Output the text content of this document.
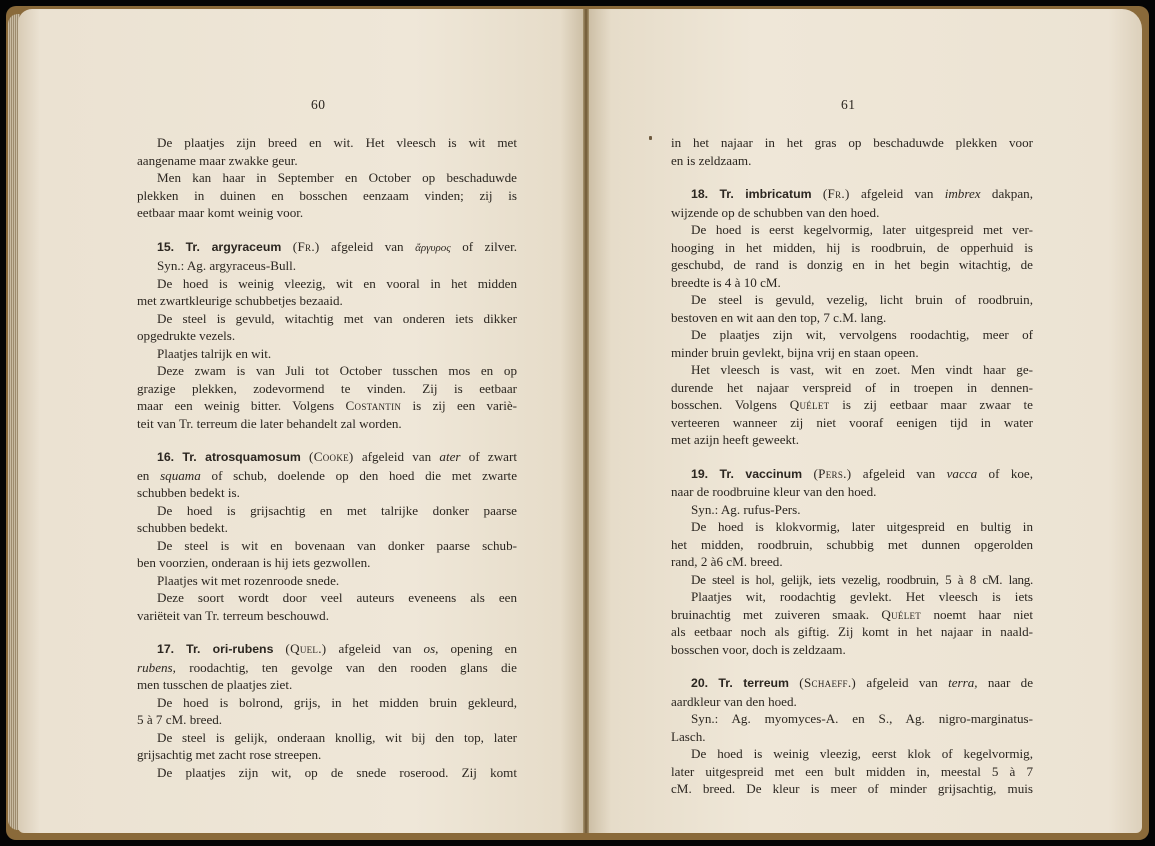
60

De plaatjes zijn breed en wit. Het vleesch is wit met

aangename maar zwakke geur.

Men kan haar in September en October op beschaduwde

plekken in duinen en bosschen eenzaam vinden; zij is

eetbaar maar komt weinig voor.

15. Tr. argyraceum (Fr.) afgeleid van ἄργυρος of zilver.

Syn.: Ag. argyraceus-Bull.

De hoed is weinig vleezig, wit en vooral in het midden

met zwartkleurige schubbetjes bezaaid.

De steel is gevuld, witachtig met van onderen iets dikker

opgedrukte vezels.

Plaatjes talrijk en wit.

Deze zwam is van Juli tot October tusschen mos en op

grazige plekken, zodevormend te vinden. Zij is eetbaar

maar een weinig bitter. Volgens Costantin is zij een variè-

teit van Tr. terreum die later behandelt zal worden.

16. Tr. atrosquamosum (Cooke) afgeleid van ater of zwart

en squama of schub, doelende op den hoed die met zwarte

schubben bedekt is.

De hoed is grijsachtig en met talrijke donker paarse

schubben bedekt.

De steel is wit en bovenaan van donker paarse schub-

ben voorzien, onderaan is hij iets gezwollen.

Plaatjes wit met rozenroode snede.

Deze soort wordt door veel auteurs eveneens als een

variëteit van Tr. terreum beschouwd.

17. Tr. ori-rubens (Quel.) afgeleid van os, opening en

rubens, roodachtig, ten gevolge van den rooden glans die

men tusschen de plaatjes ziet.

De hoed is bolrond, grijs, in het midden bruin gekleurd,

5 à 7 cM. breed.

De steel is gelijk, onderaan knollig, wit bij den top, later

grijsachtig met zacht rose streepen.

De plaatjes zijn wit, op de snede roserood. Zij komt

61

in het najaar in het gras op beschaduwde plekken voor

en is zeldzaam.

18. Tr. imbricatum (Fr.) afgeleid van imbrex dakpan,

wijzende op de schubben van den hoed.

De hoed is eerst kegelvormig, later uitgespreid met ver-

hooging in het midden, hij is roodbruin, de opperhuid is

geschubd, de rand is donzig en in het begin witachtig, de

breedte is 4 à 10 cM.

De steel is gevuld, vezelig, licht bruin of roodbruin,

bestoven en wit aan den top, 7 c.M. lang.

De plaatjes zijn wit, vervolgens roodachtig, meer of

minder bruin gevlekt, bijna vrij en staan opeen.

Het vleesch is vast, wit en zoet. Men vindt haar ge-

durende het najaar verspreid of in troepen in dennen-

bosschen. Volgens Quélet is zij eetbaar maar zwaar te

verteeren wanneer zij niet vooraf eenigen tijd in water

met azijn heeft geweekt.

19. Tr. vaccinum (Pers.) afgeleid van vacca of koe,

naar de roodbruine kleur van den hoed.

Syn.: Ag. rufus-Pers.

De hoed is klokvormig, later uitgespreid en bultig in

het midden, roodbruin, schubbig met dunnen opgerolden

rand, 2 à6 cM. breed.

De steel is hol, gelijk, iets vezelig, roodbruin, 5 à 8 cM. lang.

Plaatjes wit, roodachtig gevlekt. Het vleesch is iets

bruinachtig met zuiveren smaak. Quélet noemt haar niet

als eetbaar noch als giftig. Zij komt in het najaar in naald-

bosschen voor, doch is zeldzaam.

20. Tr. terreum (Schaeff.) afgeleid van terra, naar de

aardkleur van den hoed.

Syn.: Ag. myomyces-A. en S., Ag. nigro-marginatus-

Lasch.

De hoed is weinig vleezig, eerst klok of kegelvormig,

later uitgespreid met een bult midden in, meestal 5 à 7

cM. breed. De kleur is meer of minder grijsachtig, muis
